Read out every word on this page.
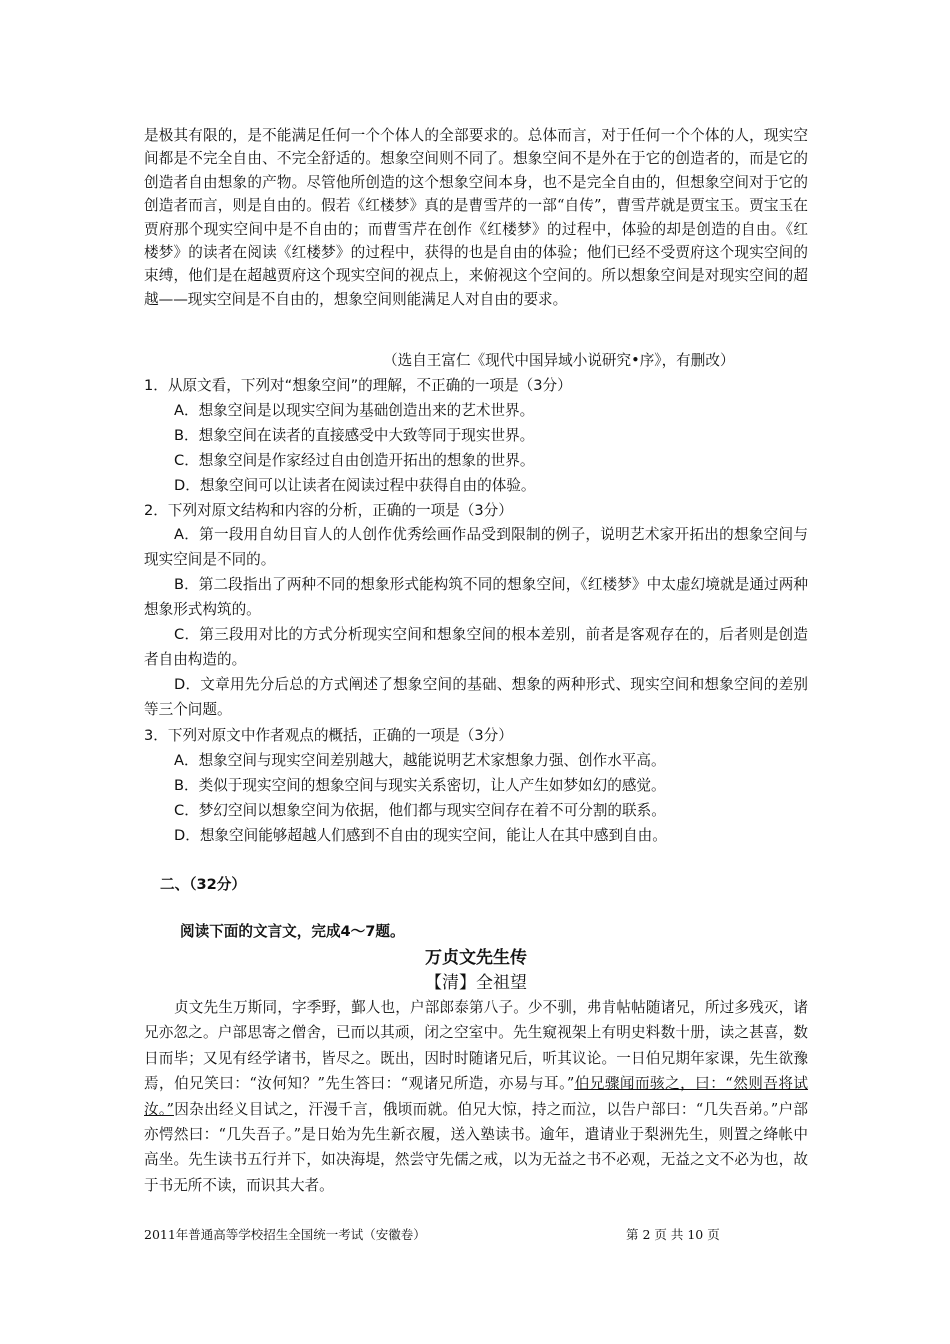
是极其有限的，是不能满足任何一个个体人的全部要求的。总体而言，对于任何一个个体的人，现实空间都是不完全自由、不完全舒适的。想象空间则不同了。想象空间不是外在于它的创造者的，而是它的创造者自由想象的产物。尽管他所创造的这个想象空间本身，也不是完全自由的，但想象空间对于它的创造者而言，则是自由的。假若《红楼梦》真的是曹雪芹的一部“自传”，曹雪芹就是贾宝玉。贾宝玉在贾府那个现实空间中是不自由的；而曹雪芹在创作《红楼梦》的过程中，体验的却是创造的自由。《红楼梦》的读者在阅读《红楼梦》的过程中，获得的也是自由的体验；他们已经不受贾府这个现实空间的束缚，他们是在超越贾府这个现实空间的视点上，来俯视这个空间的。所以想象空间是对现实空间的超越——现实空间是不自由的，想象空间则能满足人对自由的要求。

（选自王富仁《现代中国异域小说研究•序》，有删改）

1．从原文看，下列对“想象空间”的理解，不正确的一项是（3分）

A．想象空间是以现实空间为基础创造出来的艺术世界。

B．想象空间在读者的直接感受中大致等同于现实世界。

C．想象空间是作家经过自由创造开拓出的想象的世界。

D．想象空间可以让读者在阅读过程中获得自由的体验。

2．下列对原文结构和内容的分析，正确的一项是（3分）

A．第一段用自幼目盲人的人创作优秀绘画作品受到限制的例子，说明艺术家开拓出的想象空间与现实空间是不同的。

B．第二段指出了两种不同的想象形式能构筑不同的想象空间，《红楼梦》中太虚幻境就是通过两种想象形式构筑的。

C．第三段用对比的方式分析现实空间和想象空间的根本差别，前者是客观存在的，后者则是创造者自由构造的。

D．文章用先分后总的方式阐述了想象空间的基础、想象的两种形式、现实空间和想象空间的差别等三个问题。

3．下列对原文中作者观点的概括，正确的一项是（3分）

A．想象空间与现实空间差别越大，越能说明艺术家想象力强、创作水平高。

B．类似于现实空间的想象空间与现实关系密切，让人产生如梦如幻的感觉。

C．梦幻空间以想象空间为依据，他们都与现实空间存在着不可分割的联系。

D．想象空间能够超越人们感到不自由的现实空间，能让人在其中感到自由。

二、（32分）

阅读下面的文言文，完成4～7题。

万贞文先生传

【清】全祖望

贞文先生万斯同，字季野，鄞人也，户部郎泰第八子。少不驯，弗肯帖帖随诸兄，所过多残灭，诸兄亦忽之。户部思寄之僧舍，已而以其顽，闭之空室中。先生窥视架上有明史料数十册，读之甚喜，数日而毕；又见有经学诸书，皆尽之。既出，因时时随诸兄后，听其议论。一日伯兄期年家课，先生欲豫焉，伯兄笑曰：“汝何知？”先生答曰：“观诸兄所造，亦易与耳。”伯兄骤闻而骇之，曰：“然则吾将试汝。”因杂出经义目试之，汗漫千言，俄顷而就。伯兄大惊，持之而泣，以告户部曰：“几失吾弟。”户部亦愕然曰：“几失吾子。”是日始为先生新衣履，送入塾读书。逾年，遣请业于梨洲先生，则置之绛帐中高坐。先生读书五行并下，如决海堤，然尝守先儒之戒，以为无益之书不必观，无益之文不必为也，故于书无所不读，而识其大者。

2011年普通高等学校招生全国统一考试（安徽卷）	第 2 页 共 10 页
